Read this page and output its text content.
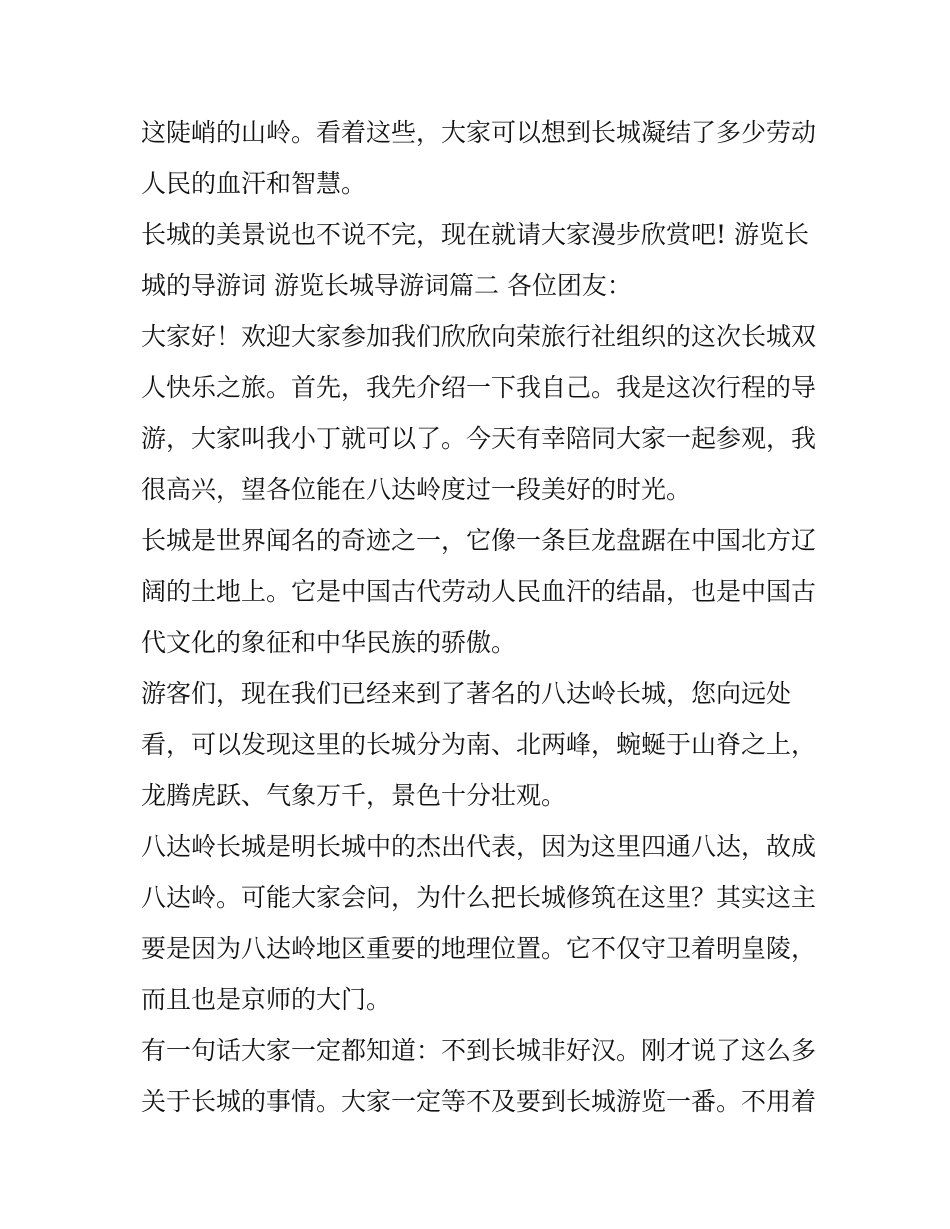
这陡峭的山岭。看着这些，大家可以想到长城凝结了多少劳动

人民的血汗和智慧。

长城的美景说也不说不完，现在就请大家漫步欣赏吧! 游览长

城的导游词 游览长城导游词篇二 各位团友：

大家好！欢迎大家参加我们欣欣向荣旅行社组织的这次长城双

人快乐之旅。首先，我先介绍一下我自己。我是这次行程的导

游，大家叫我小丁就可以了。今天有幸陪同大家一起参观，我

很高兴，望各位能在八达岭度过一段美好的时光。

长城是世界闻名的奇迹之一，它像一条巨龙盘踞在中国北方辽

阔的土地上。它是中国古代劳动人民血汗的结晶，也是中国古

代文化的象征和中华民族的骄傲。

游客们，现在我们已经来到了著名的八达岭长城，您向远处

看，可以发现这里的长城分为南、北两峰，蜿蜒于山脊之上，

龙腾虎跃、气象万千，景色十分壮观。

八达岭长城是明长城中的杰出代表，因为这里四通八达，故成

八达岭。可能大家会问，为什么把长城修筑在这里？其实这主

要是因为八达岭地区重要的地理位置。它不仅守卫着明皇陵，

而且也是京师的大门。

有一句话大家一定都知道：不到长城非好汉。刚才说了这么多

关于长城的事情。大家一定等不及要到长城游览一番。不用着
